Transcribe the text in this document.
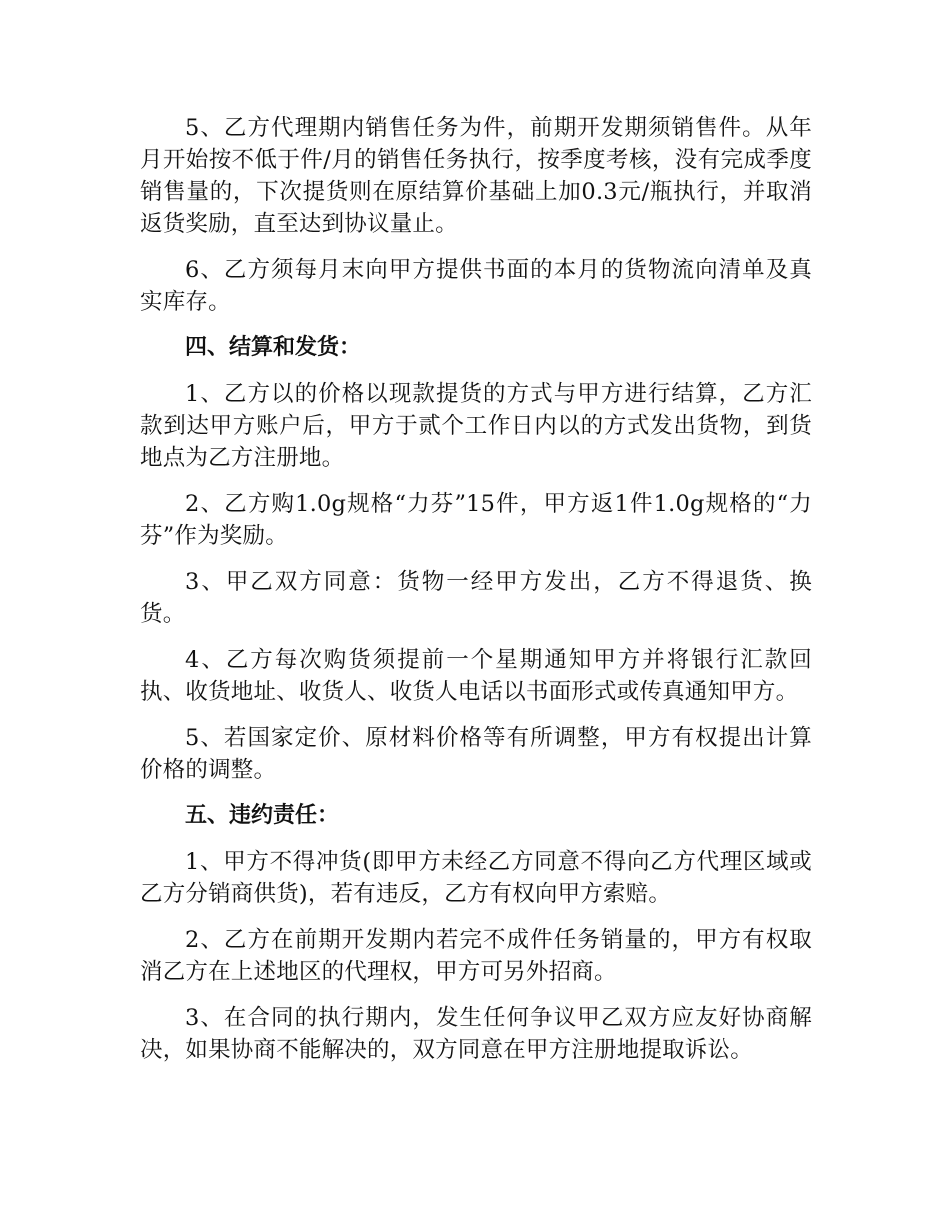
5、乙方代理期内销售任务为件，前期开发期须销售件。从年月开始按不低于件/月的销售任务执行，按季度考核，没有完成季度销售量的，下次提货则在原结算价基础上加0.3元/瓶执行，并取消返货奖励，直至达到协议量止。

6、乙方须每月末向甲方提供书面的本月的货物流向清单及真实库存。

四、结算和发货：

1、乙方以的价格以现款提货的方式与甲方进行结算，乙方汇款到达甲方账户后，甲方于贰个工作日内以的方式发出货物，到货地点为乙方注册地。

2、乙方购1.0g规格“力芬”15件，甲方返1件1.0g规格的“力芬”作为奖励。

3、甲乙双方同意：货物一经甲方发出，乙方不得退货、换货。

4、乙方每次购货须提前一个星期通知甲方并将银行汇款回执、收货地址、收货人、收货人电话以书面形式或传真通知甲方。

5、若国家定价、原材料价格等有所调整，甲方有权提出计算价格的调整。

五、违约责任：

1、甲方不得冲货(即甲方未经乙方同意不得向乙方代理区域或乙方分销商供货)，若有违反，乙方有权向甲方索赔。

2、乙方在前期开发期内若完不成件任务销量的，甲方有权取消乙方在上述地区的代理权，甲方可另外招商。

3、在合同的执行期内，发生任何争议甲乙双方应友好协商解决，如果协商不能解决的，双方同意在甲方注册地提取诉讼。
